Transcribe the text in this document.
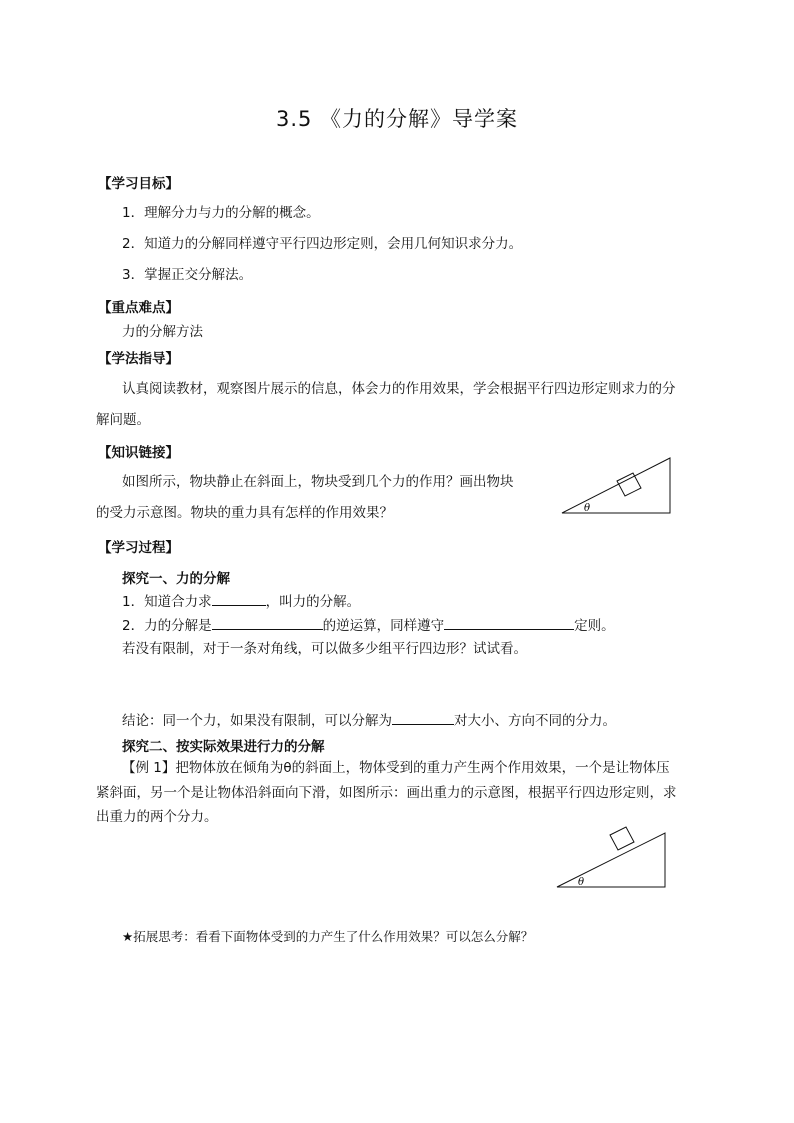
3.5 《力的分解》导学案
【学习目标】
1．理解分力与力的分解的概念。
2．知道力的分解同样遵守平行四边形定则，会用几何知识求分力。
3．掌握正交分解法。
【重点难点】
力的分解方法
【学法指导】
认真阅读教材，观察图片展示的信息，体会力的作用效果，学会根据平行四边形定则求力的分
解问题。
【知识链接】
如图所示，物块静止在斜面上，物块受到几个力的作用？画出物块
的受力示意图。物块的重力具有怎样的作用效果？	θ
【学习过程】
探究一、力的分解
1．知道合力求	，叫力的分解。
2．力的分解是	的逆运算，同样遵守	定则。
若没有限制，对于一条对角线，可以做多少组平行四边形？试试看。
结论：同一个力，如果没有限制，可以分解为	对大小、方向不同的分力。
探究二、按实际效果进行力的分解
【例 1】把物体放在倾角为θ的斜面上，物体受到的重力产生两个作用效果，一个是让物体压
紧斜面，另一个是让物体沿斜面向下滑，如图所示：画出重力的示意图，根据平行四边形定则，求
出重力的两个分力。
θ
★拓展思考：看看下面物体受到的力产生了什么作用效果？可以怎么分解？
